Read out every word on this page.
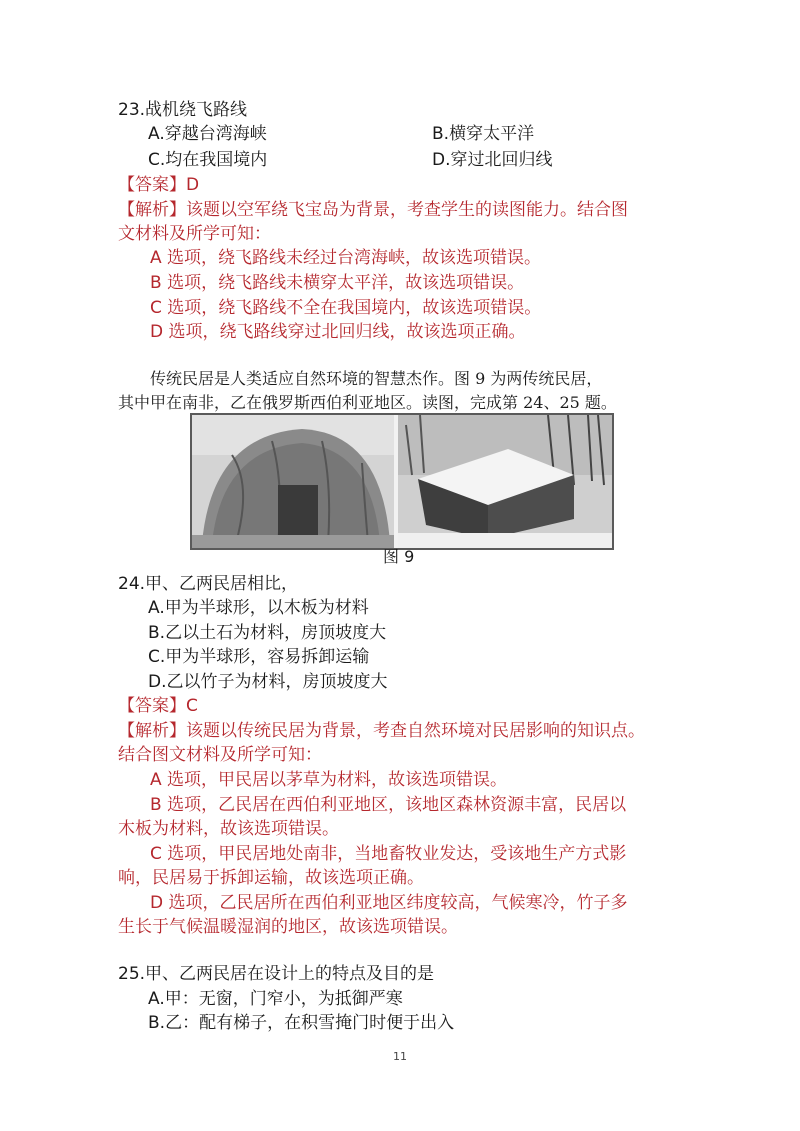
23.战机绕飞路线
A.穿越台湾海峡	B.横穿太平洋
C.均在我国境内	D.穿过北回归线
【答案】D
【解析】该题以空军绕飞宝岛为背景，考查学生的读图能力。结合图
文材料及所学可知：
A 选项，绕飞路线未经过台湾海峡，故该选项错误。
B 选项，绕飞路线未横穿太平洋，故该选项错误。
C 选项，绕飞路线不全在我国境内，故该选项错误。
D 选项，绕飞路线穿过北回归线，故该选项正确。
传统民居是人类适应自然环境的智慧杰作。图 9 为两传统民居，
其中甲在南非，乙在俄罗斯西伯利亚地区。读图，完成第 24、25 题。
图 9
24.甲、乙两民居相比，
A.甲为半球形，以木板为材料
B.乙以土石为材料，房顶坡度大
C.甲为半球形，容易拆卸运输
D.乙以竹子为材料，房顶坡度大
【答案】C
【解析】该题以传统民居为背景，考查自然环境对民居影响的知识点。
结合图文材料及所学可知：
A 选项，甲民居以茅草为材料，故该选项错误。
B 选项，乙民居在西伯利亚地区，该地区森林资源丰富，民居以
木板为材料，故该选项错误。
C 选项，甲民居地处南非，当地畜牧业发达，受该地生产方式影
响，民居易于拆卸运输，故该选项正确。
D 选项，乙民居所在西伯利亚地区纬度较高，气候寒冷，竹子多
生长于气候温暖湿润的地区，故该选项错误。
25.甲、乙两民居在设计上的特点及目的是
A.甲：无窗，门窄小，为抵御严寒
B.乙：配有梯子，在积雪掩门时便于出入
11
